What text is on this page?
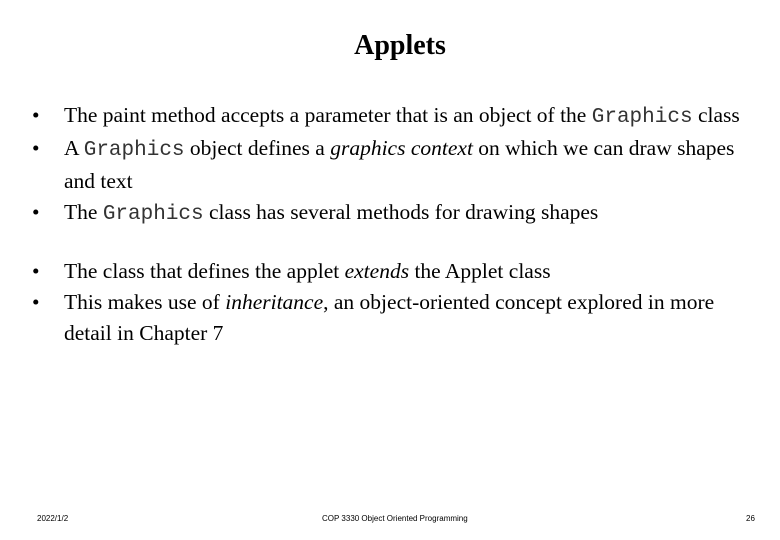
Applets
• The paint method accepts a parameter that is an object of the Graphics class
• A Graphics object defines a graphics context on which we can draw shapes and text
• The Graphics class has several methods for drawing shapes
• The class that defines the applet extends the Applet class
• This makes use of inheritance, an object-oriented concept explored in more detail in Chapter 7
2022/1/2	COP 3330 Object Oriented Programming	26
